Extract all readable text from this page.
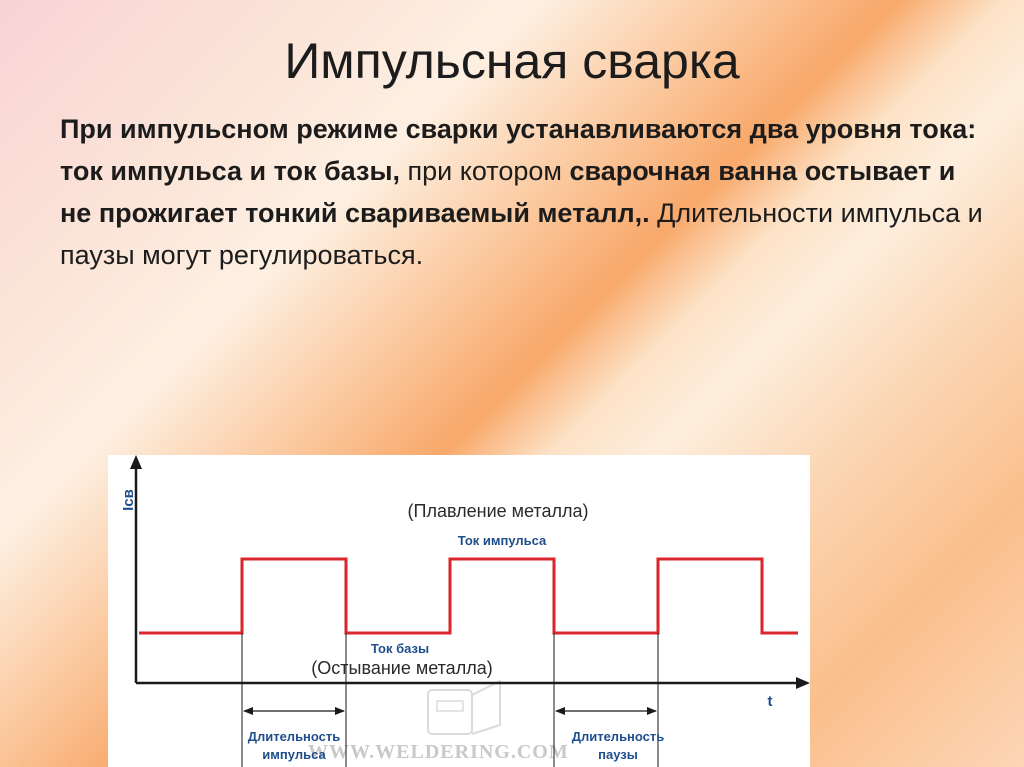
Импульсная сварка
При импульсном режиме сварки устанавливаются два уровня тока: ток импульса и ток базы, при котором сварочная ванна остывает и не прожигает тонкий свариваемый металл,. Длительности импульса и паузы могут регулироваться.
WWW.WELDERING.COM
Iсв
t
(Плавление металла)
Ток импульса
Ток базы
(Остывание металла)
Длительность
импульса
Длительность
паузы
